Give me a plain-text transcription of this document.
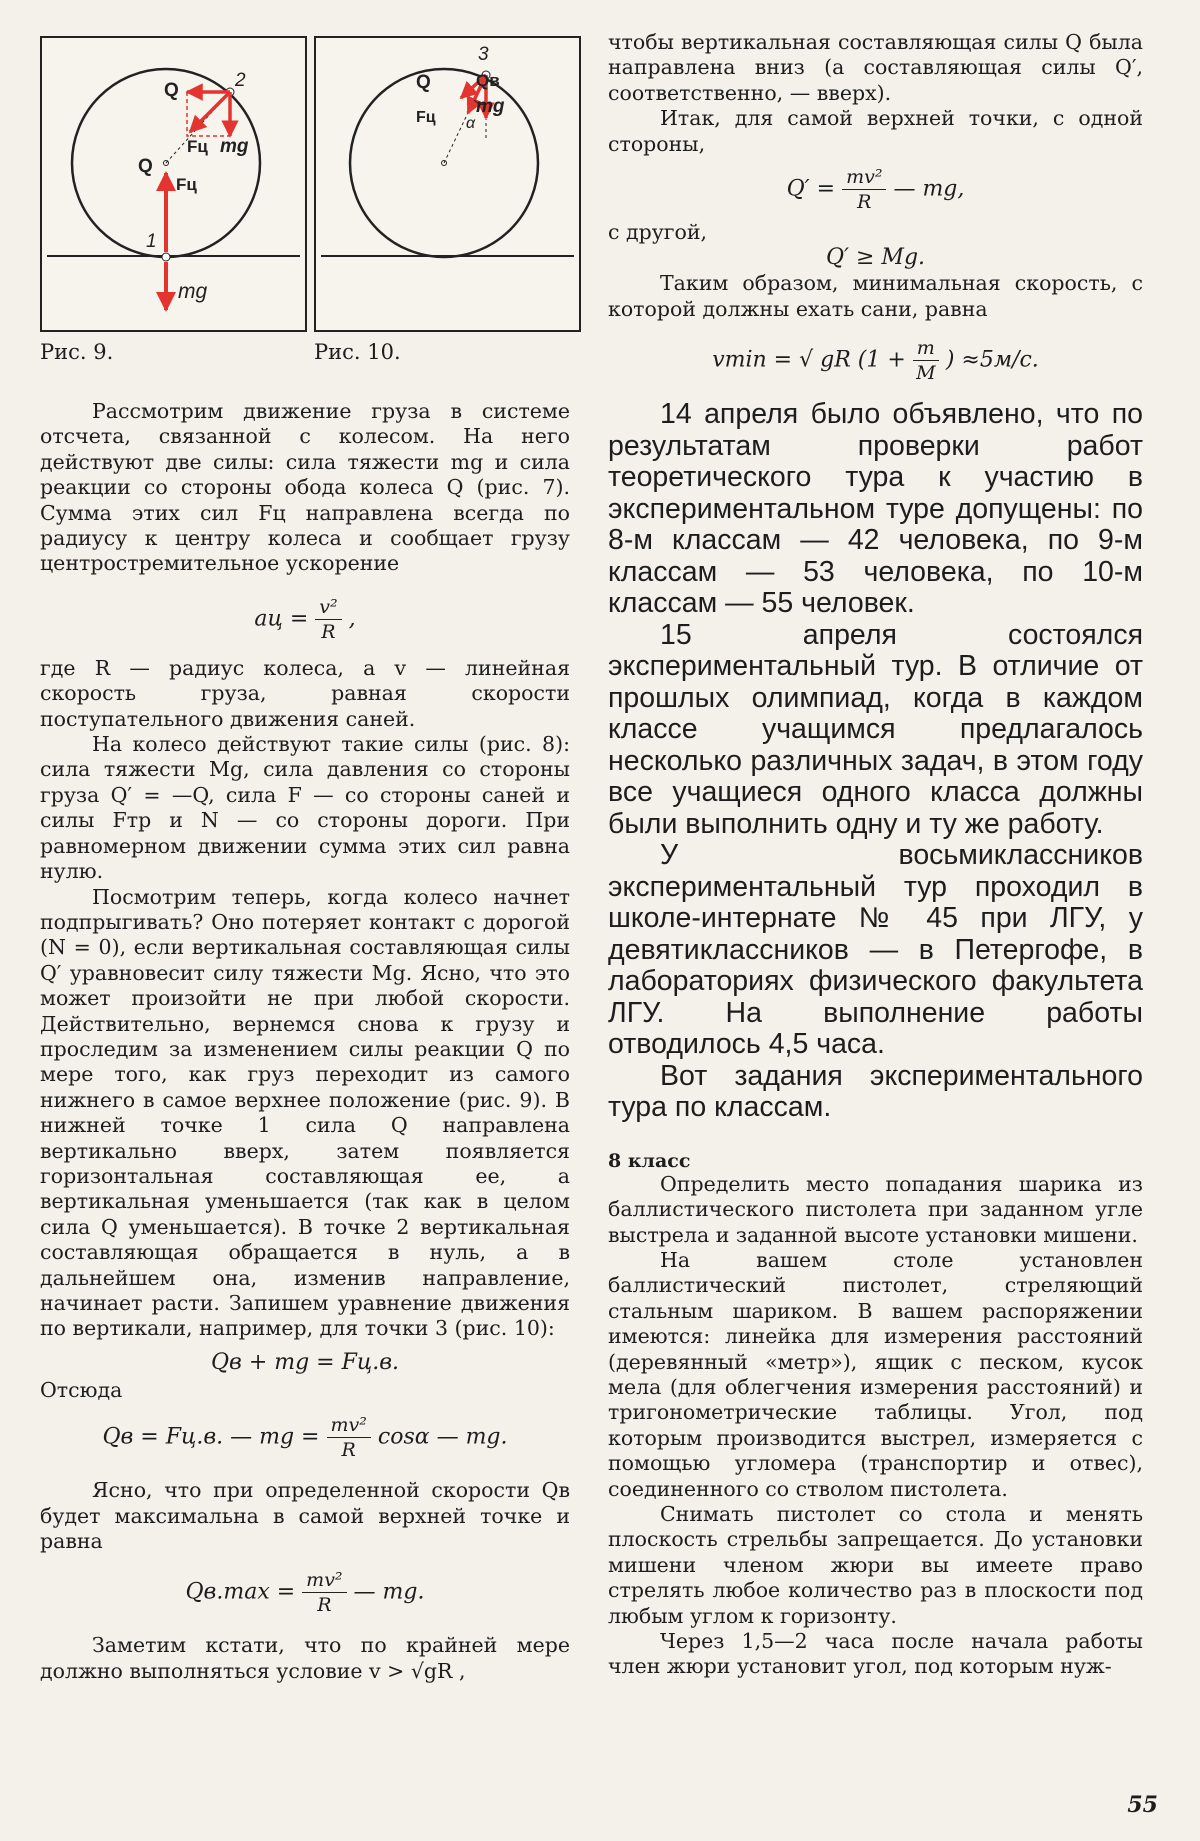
Q	2
Fц mg
Q
Fц
1
mg
Рис. 9.
3
Q	Qв
Fц
mg
α
Рис. 10.

Рассмотрим движение груза в системе отсчета, связанной с колесом. На него действуют две силы: сила тяжести mg и сила реакции со стороны обода колеса Q (рис. 7). Сумма этих сил Fц направлена всегда по радиусу к центру колеса и сообщает грузу центростремительное ускорение

aц = $\frac{\text{v²}}{R}$ ,

где R — радиус колеса, а v — линейная скорость груза, равная скорости поступательного движения саней.

На колесо действуют такие силы (рис. 8): сила тяжести Mg, сила давления со стороны груза Q′ = —Q, сила F — со стороны саней и силы Fтр и N — со стороны дороги. При равномерном движении сумма этих сил равна нулю.

Посмотрим теперь, когда колесо начнет подпрыгивать? Оно потеряет контакт с дорогой (N = 0), если вертикальная составляющая силы Q′ уравновесит силу тяжести Mg. Ясно, что это может произойти не при любой скорости. Действительно, вернемся снова к грузу и проследим за изменением силы реакции Q по мере того, как груз переходит из самого нижнего в самое верхнее положение (рис. 9). В нижней точке 1 сила Q направлена вертикально вверх, затем появляется горизонтальная составляющая ее, а вертикальная уменьшается (так как в целом сила Q уменьшается). В точке 2 вертикальная составляющая обращается в нуль, а в дальнейшем она, изменив направление, начинает расти. Запишем уравнение движения по вертикали, например, для точки 3 (рис. 10):

Qв + mg = Fц.в.

Отсюда

Qв = Fц.в. — mg = $\frac{\text{mv²}}{R}$ cosα — mg.

Ясно, что при определенной скорости Qв будет максимальна в самой верхней точке и равна

$Qв.\max = \frac{\text{mv²}}{R}$ — mg.

Заметим кстати, что по крайней мере должно выполняться условие v > √gR ,

чтобы вертикальная составляющая силы Q была направлена вниз (а составляющая силы Q′, соответственно, — вверх).

Итак, для самой верхней точки, с одной стороны,

$Q' = \frac{\text{mv²}}{R}$ — mg,

с другой,

Q′ ≥ Mg.

Таким образом, минимальная скорость, с которой должны ехать сани, равна

vmin = √ gR ($1 + \frac{m}{M}$ ) ≈5м/с.

14 апреля было объявлено, что по результатам проверки работ теоретического тура к участию в экспериментальном туре допущены: по 8-м классам — 42 человека, по 9-м классам — 53 человека, по 10-м классам — 55 человек.

15 апреля состоялся экспериментальный тур. В отличие от прошлых олимпиад, когда в каждом классе учащимся предлагалось несколько различных задач, в этом году все учащиеся одного класса должны были выполнить одну и ту же работу.

У восьмиклассников экспериментальный тур проходил в школе-интернате № 45 при ЛГУ, у девятиклассников — в Петергофе, в лабораториях физического факультета ЛГУ. На выполнение работы отводилось 4,5 часа.

Вот задания экспериментального тура по классам.

8 класс

Определить место попадания шарика из баллистического пистолета при заданном угле выстрела и заданной высоте установки мишени.

На вашем столе установлен баллистический пистолет, стреляющий стальным шариком. В вашем распоряжении имеются: линейка для измерения расстояний (деревянный «метр»), ящик с песком, кусок мела (для облегчения измерения расстояний) и тригонометрические таблицы. Угол, под которым производится выстрел, измеряется с помощью угломера (транспортир и отвес), соединенного со стволом пистолета.

Снимать пистолет со стола и менять плоскость стрельбы запрещается. До установки мишени членом жюри вы имеете право стрелять любое количество раз в плоскости под любым углом к горизонту.

Через 1,5—2 часа после начала работы член жюри установит угол, под которым нуж-

55
